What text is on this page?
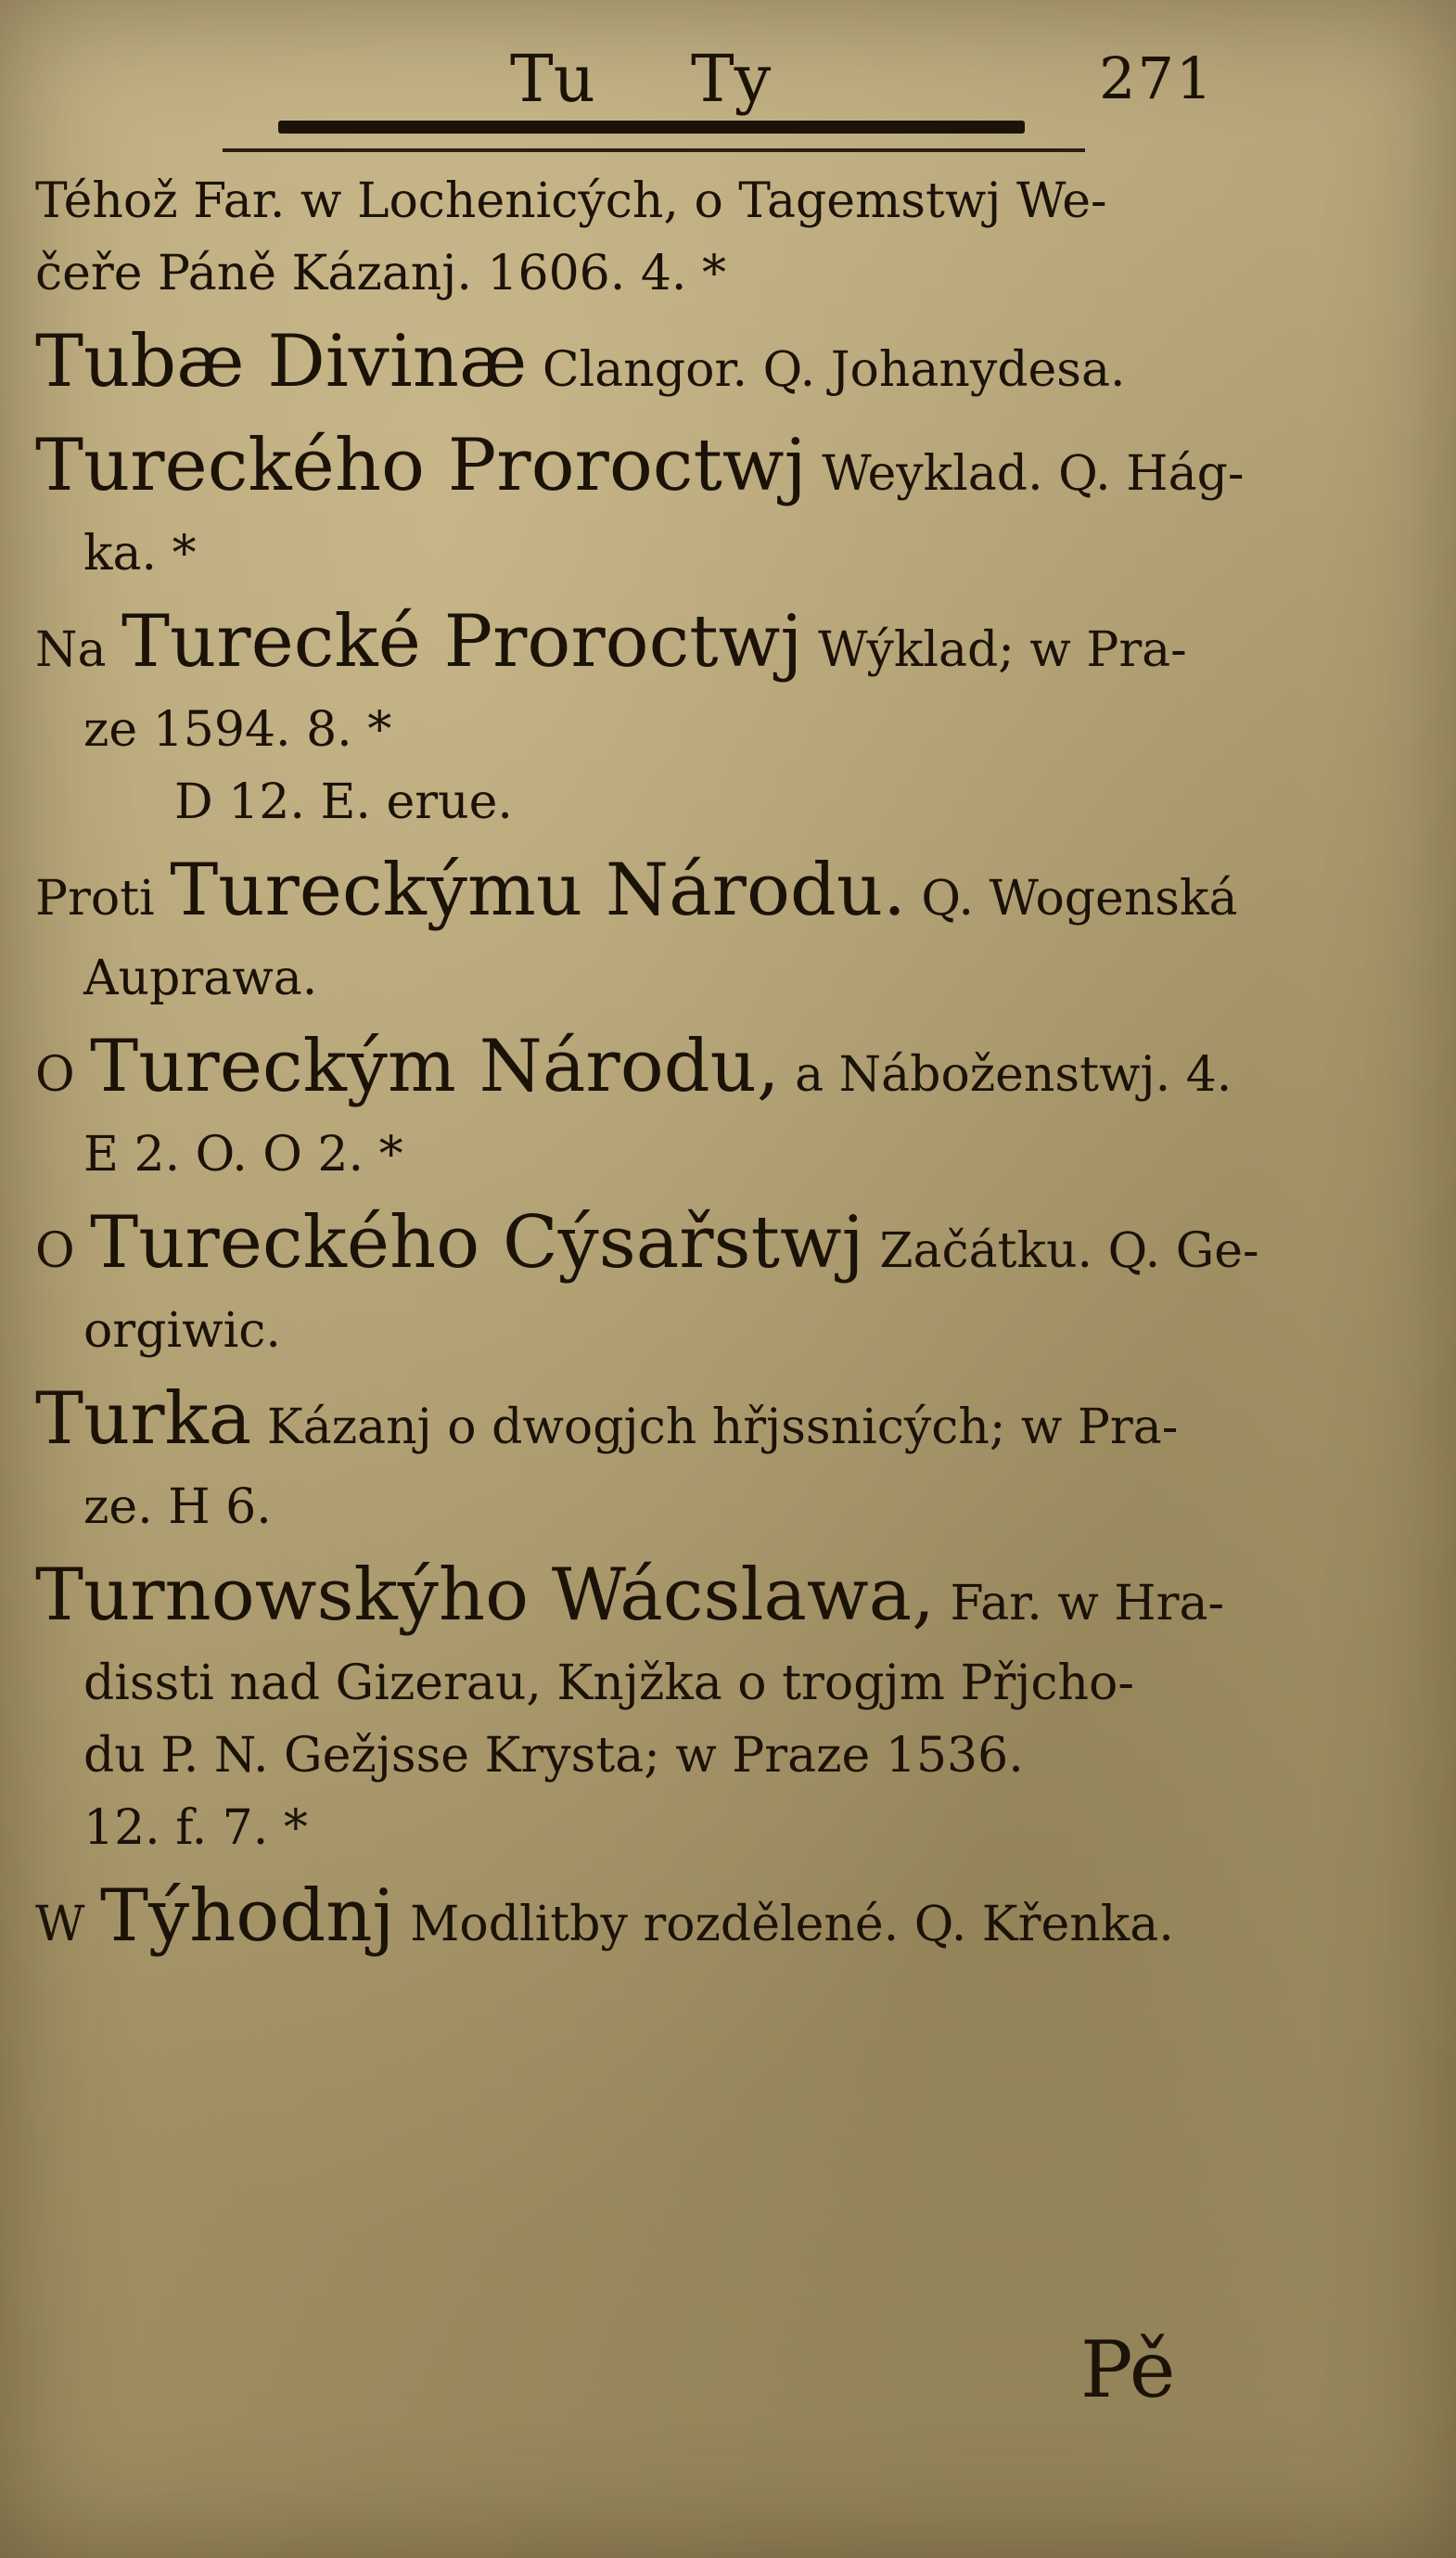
Tu Ty	271
Téhož Far. w Lochenicých, o Tagemstwj We-
čeře Páně Kázanj. 1606. 4. *
Tubæ Divinæ Clangor. Q. Johanydesa.
Tureckého Proroctwj Weyklad. Q. Hág-
ka. *
Na Turecké Proroctwj Wýklad; w Pra-
ze 1594. 8. *
D 12. E. erue.
Proti Tureckýmu Národu. Q. Wogenská
Auprawa.
O Tureckým Národu, a Náboženstwj. 4.
E 2. O. O 2. *
O Tureckého Cýsařstwj Začátku. Q. Ge-
orgiwic.
Turka Kázanj o dwogjch hřjssnicých; w Pra-
ze. H 6.
Turnowskýho Wácslawa, Far. w Hra-
dissti nad Gizerau, Knjžka o trogjm Přjcho-
du P. N. Gežjsse Krysta; w Praze 1536.
12. f. 7. *
W Týhodnj Modlitby rozdělené. Q. Křenka.
Pě
